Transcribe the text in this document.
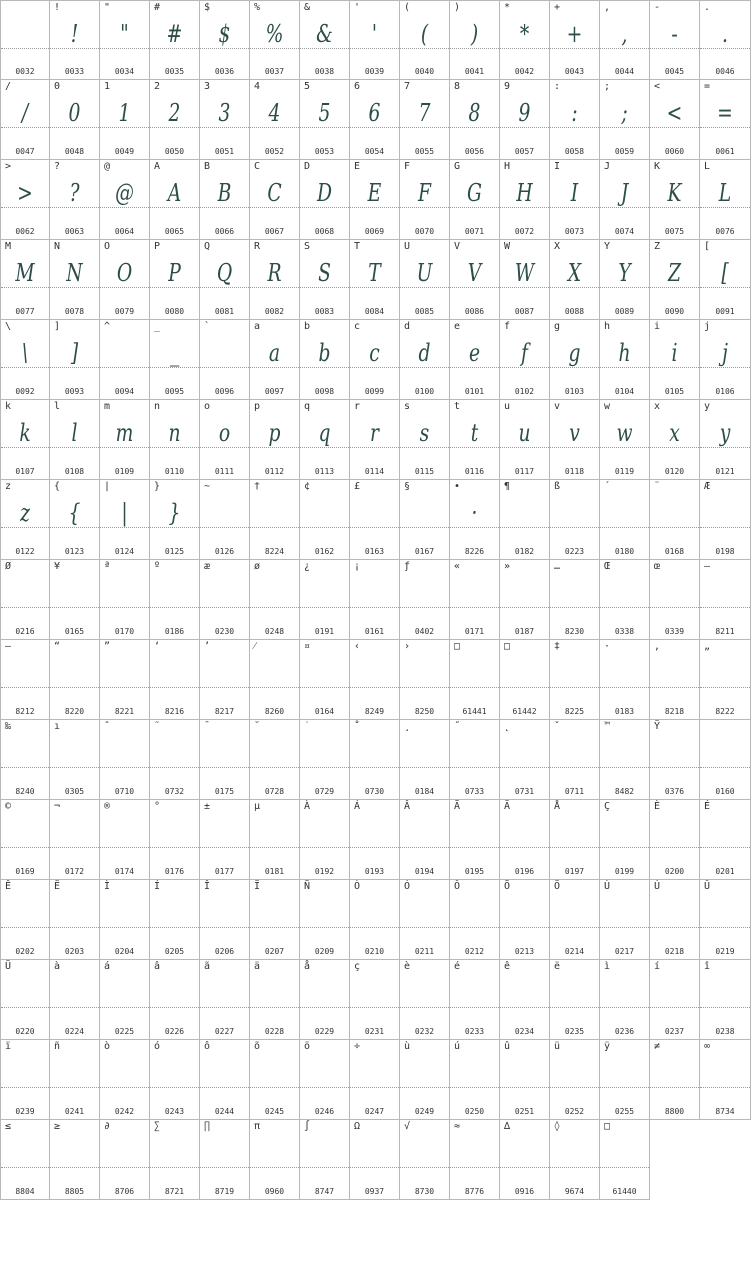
0032
!
!
0033
"
"
0034
#
#
0035
$
$
0036
%
%
0037
&
&
0038
'
'
0039
(
(
0040
)
)
0041
*
*
0042
+
+
0043
,
,
0044
-
-
0045
.
.
0046
/
/
0047
0
0
0048
1
1
0049
2
2
0050
3
3
0051
4
4
0052
5
5
0053
6
6
0054
7
7
0055
8
8
0056
9
9
0057
:
:
0058
;
;
0059
<
<
0060
=
=
0061
>
>
0062
?
?
0063
@
@
0064
A
A
0065
B
B
0066
C
C
0067
D
D
0068
E
E
0069
F
F
0070
G
G
0071
H
H
0072
I
I
0073
J
J
0074
K
K
0075
L
L
0076
M
M
0077
N
N
0078
O
O
0079
P
P
0080
Q
Q
0081
R
R
0082
S
S
0083
T
T
0084
U
U
0085
V
V
0086
W
W
0087
X
X
0088
Y
Y
0089
Z
Z
0090
[
[
0091
\
\
0092
]
]
0093
^
0094
_
_
0095
`
0096
a
a
0097
b
b
0098
c
c
0099
d
d
0100
e
e
0101
f
f
0102
g
g
0103
h
h
0104
i
i
0105
j
j
0106
k
k
0107
l
l
0108
m
m
0109
n
n
0110
o
o
0111
p
p
0112
q
q
0113
r
r
0114
s
s
0115
t
t
0116
u
u
0117
v
v
0118
w
w
0119
x
x
0120
y
y
0121
z
z
0122
{
{
0123
|
|
0124
}
}
0125
~
0126
†
8224
¢
0162
£
0163
§
0167
•
·
8226
¶
0182
ß
0223
´
0180
¨
0168
Æ
0198
Ø
0216
¥
0165
ª
0170
º
0186
æ
0230
ø
0248
¿
0191
¡
0161
ƒ
0402
«
0171
»
0187
…
8230
Œ
0338
œ
0339
–
8211
—
8212
“
8220
”
8221
‘
8216
’
8217
⁄
8260
¤
0164
‹
8249
›
8250
□
61441
□
61442
‡
8225
·
0183
‚
8218
„
8222
‰
8240
ı
0305
ˆ
0710
˜
0732
¯
0175
˘
0728
˙
0729
˚
0730
¸
0184
˝
0733
˛
0731
ˇ
0711
™
8482
Ÿ
0376	0160
©
0169
¬
0172
®
0174
°
0176
±
0177
µ
0181
À
0192
Á
0193
Â
0194
Ã
0195
Ä
0196
Å
0197
Ç
0199
È
0200
É
0201
Ê
0202
Ë
0203
Ì
0204
Í
0205
Î
0206
Ï
0207
Ñ
0209
Ò
0210
Ó
0211
Ô
0212
Õ
0213
Ö
0214
Ù
0217
Ú
0218
Û
0219
Ü
0220
à
0224
á
0225
â
0226
ã
0227
ä
0228
å
0229
ç
0231
è
0232
é
0233
ê
0234
ë
0235
ì
0236
í
0237
î
0238
ï
0239
ñ
0241
ò
0242
ó
0243
ô
0244
õ
0245
ö
0246
÷
0247
ù
0249
ú
0250
û
0251
ü
0252
ÿ
0255
≠
8800
∞
8734
≤
8804
≥
8805
∂
8706
∑
8721
∏
8719
π
0960
∫
8747
Ω
0937
√
8730
≈
8776
∆
0916
◊
9674
□
61440
